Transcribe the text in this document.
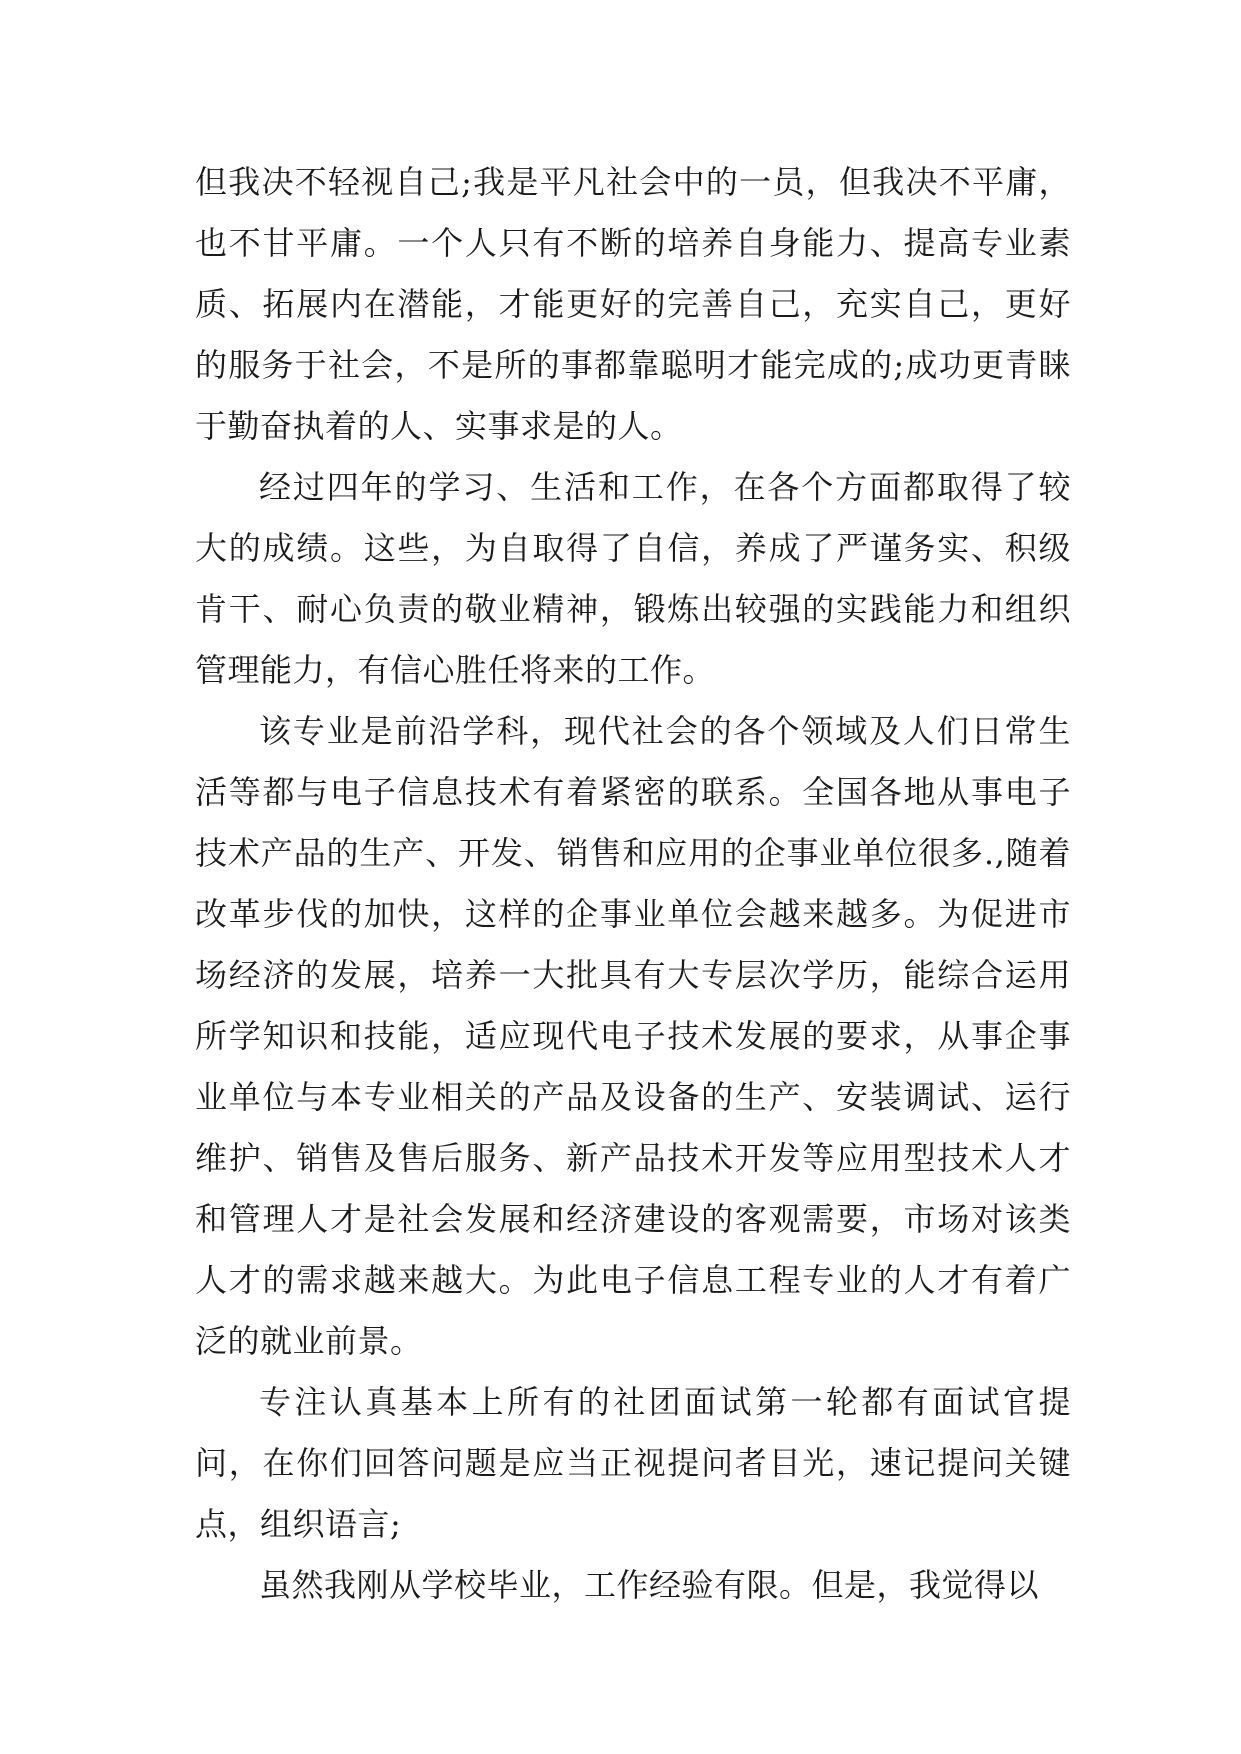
但我决不轻视自己;我是平凡社会中的一员，但我决不平庸，也不甘平庸。一个人只有不断的培养自身能力、提高专业素质、拓展内在潜能，才能更好的完善自己，充实自己，更好的服务于社会，不是所的事都靠聪明才能完成的;成功更青睐于勤奋执着的人、实事求是的人。

经过四年的学习、生活和工作，在各个方面都取得了较大的成绩。这些，为自取得了自信，养成了严谨务实、积级肯干、耐心负责的敬业精神，锻炼出较强的实践能力和组织管理能力，有信心胜任将来的工作。

该专业是前沿学科，现代社会的各个领域及人们日常生活等都与电子信息技术有着紧密的联系。全国各地从事电子技术产品的生产、开发、销售和应用的企事业单位很多.,随着改革步伐的加快，这样的企事业单位会越来越多。为促进市场经济的发展，培养一大批具有大专层次学历，能综合运用所学知识和技能，适应现代电子技术发展的要求，从事企事业单位与本专业相关的产品及设备的生产、安装调试、运行维护、销售及售后服务、新产品技术开发等应用型技术人才和管理人才是社会发展和经济建设的客观需要，市场对该类人才的需求越来越大。为此电子信息工程专业的人才有着广泛的就业前景。

专注认真基本上所有的社团面试第一轮都有面试官提问，在你们回答问题是应当正视提问者目光，速记提问关键点，组织语言;

虽然我刚从学校毕业，工作经验有限。但是，我觉得以
